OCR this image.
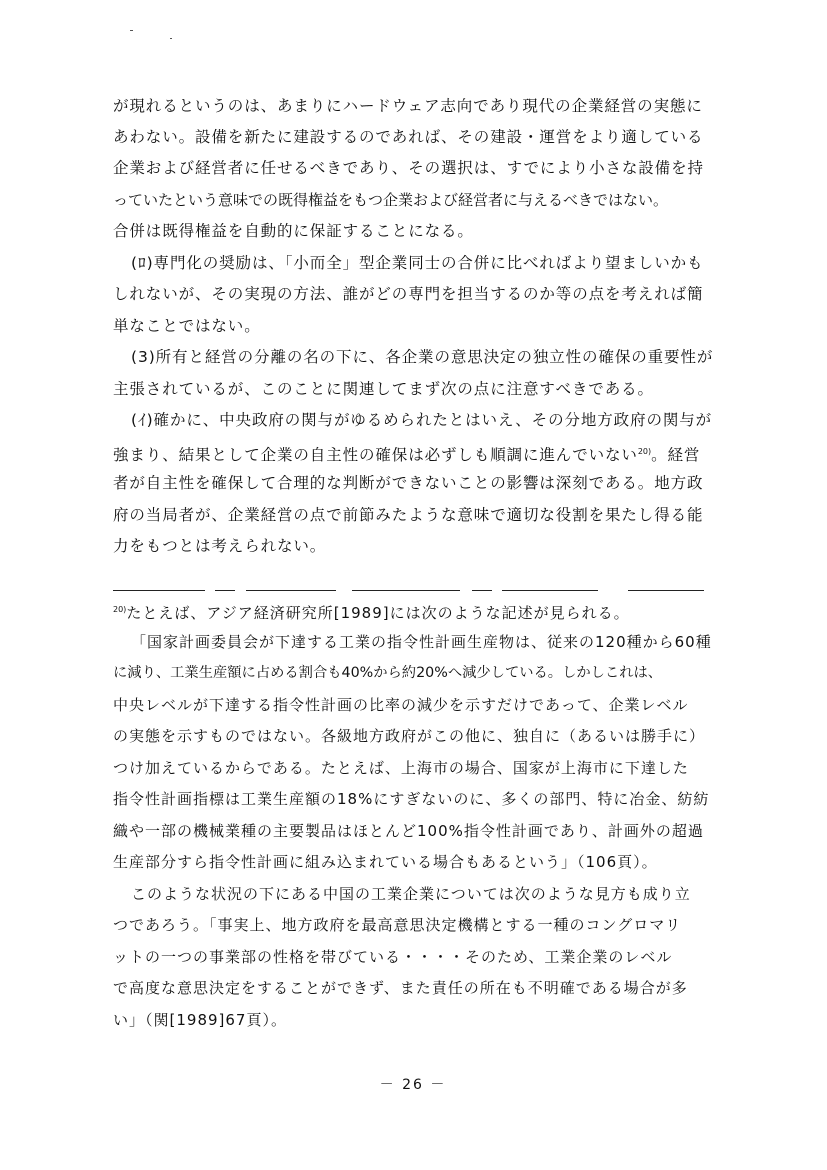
が現れるというのは、あまりにハードウェア志向であり現代の企業経営の実態に
あわない。設備を新たに建設するのであれば、その建設・運営をより適している
企業および経営者に任せるべきであり、その選択は、すでにより小さな設備を持
っていたという意味での既得権益をもつ企業および経営者に与えるべきではない。
合併は既得権益を自動的に保証することになる。
(ﾛ)専門化の奨励は、「小而全」型企業同士の合併に比べればより望ましいかも
しれないが、その実現の方法、誰がどの専門を担当するのか等の点を考えれば簡
単なことではない。
(3)所有と経営の分離の名の下に、各企業の意思決定の独立性の確保の重要性が
主張されているが、このことに関連してまず次の点に注意すべきである。
(ｲ)確かに、中央政府の関与がゆるめられたとはいえ、その分地方政府の関与が
強まり、結果として企業の自主性の確保は必ずしも順調に進んでいない$^{20)}$。経営
者が自主性を確保して合理的な判断ができないことの影響は深刻である。地方政
府の当局者が、企業経営の点で前節みたような意味で適切な役割を果たし得る能
力をもつとは考えられない。
$^{20)}$たとえば、アジア経済研究所[1989]には次のような記述が見られる。
「国家計画委員会が下達する工業の指令性計画生産物は、従来の120種から60種
に減り、工業生産額に占める割合も40%から約20%へ減少している。しかしこれは、
中央レベルが下達する指令性計画の比率の減少を示すだけであって、企業レベル
の実態を示すものではない。各級地方政府がこの他に、独自に（あるいは勝手に）
つけ加えているからである。たとえば、上海市の場合、国家が上海市に下達した
指令性計画指標は工業生産額の18%にすぎないのに、多くの部門、特に冶金、紡紡
織や一部の機械業種の主要製品はほとんど100%指令性計画であり、計画外の超過
生産部分すら指令性計画に組み込まれている場合もあるという」（106頁）。
このような状況の下にある中国の工業企業については次のような見方も成り立
つであろう。「事実上、地方政府を最高意思決定機構とする一種のコングロマリ
ットの一つの事業部の性格を帯びている・・・・そのため、工業企業のレベル
で高度な意思決定をすることができず、また責任の所在も不明確である場合が多
い」（関[1989]67頁）。
－ 26 －
